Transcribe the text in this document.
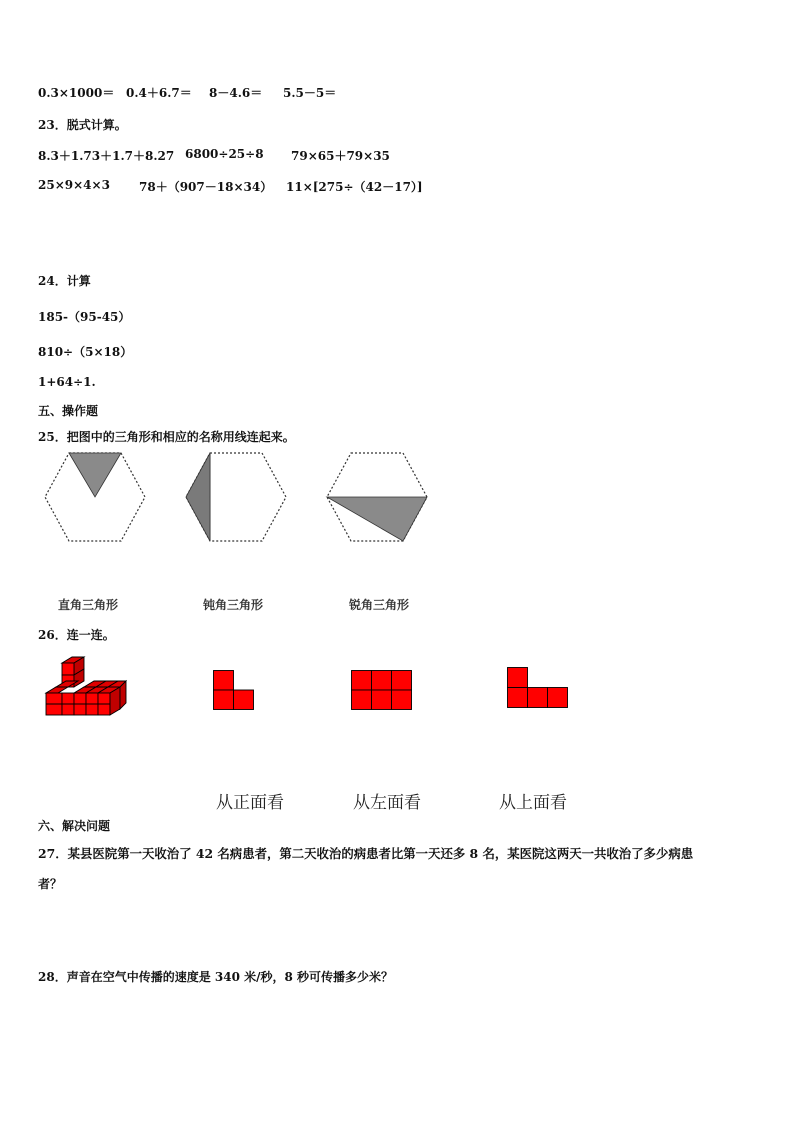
0.3×1000＝ 0.4＋6.7＝ 8－4.6＝ 5.5－5＝
23．脱式计算。
8.3＋1.73＋1.7＋8.27 6800÷25÷8 79×65＋79×35
25×9×4×3 78＋（907－18×34） 11×[275÷（42－17）]
24．计算
185-（95-45）
810÷（5×18）
1+64÷1.
五、操作题
25．把图中的三角形和相应的名称用线连起来。
直角三角形	钝角三角形	锐角三角形
26．连一连。
从正面看	从左面看	从上面看
六、解决问题
27．某县医院第一天收治了 42 名病患者，第二天收治的病患者比第一天还多 8 名，某医院这两天一共收治了多少病患
者？
28．声音在空气中传播的速度是 340 米/秒，8 秒可传播多少米？
